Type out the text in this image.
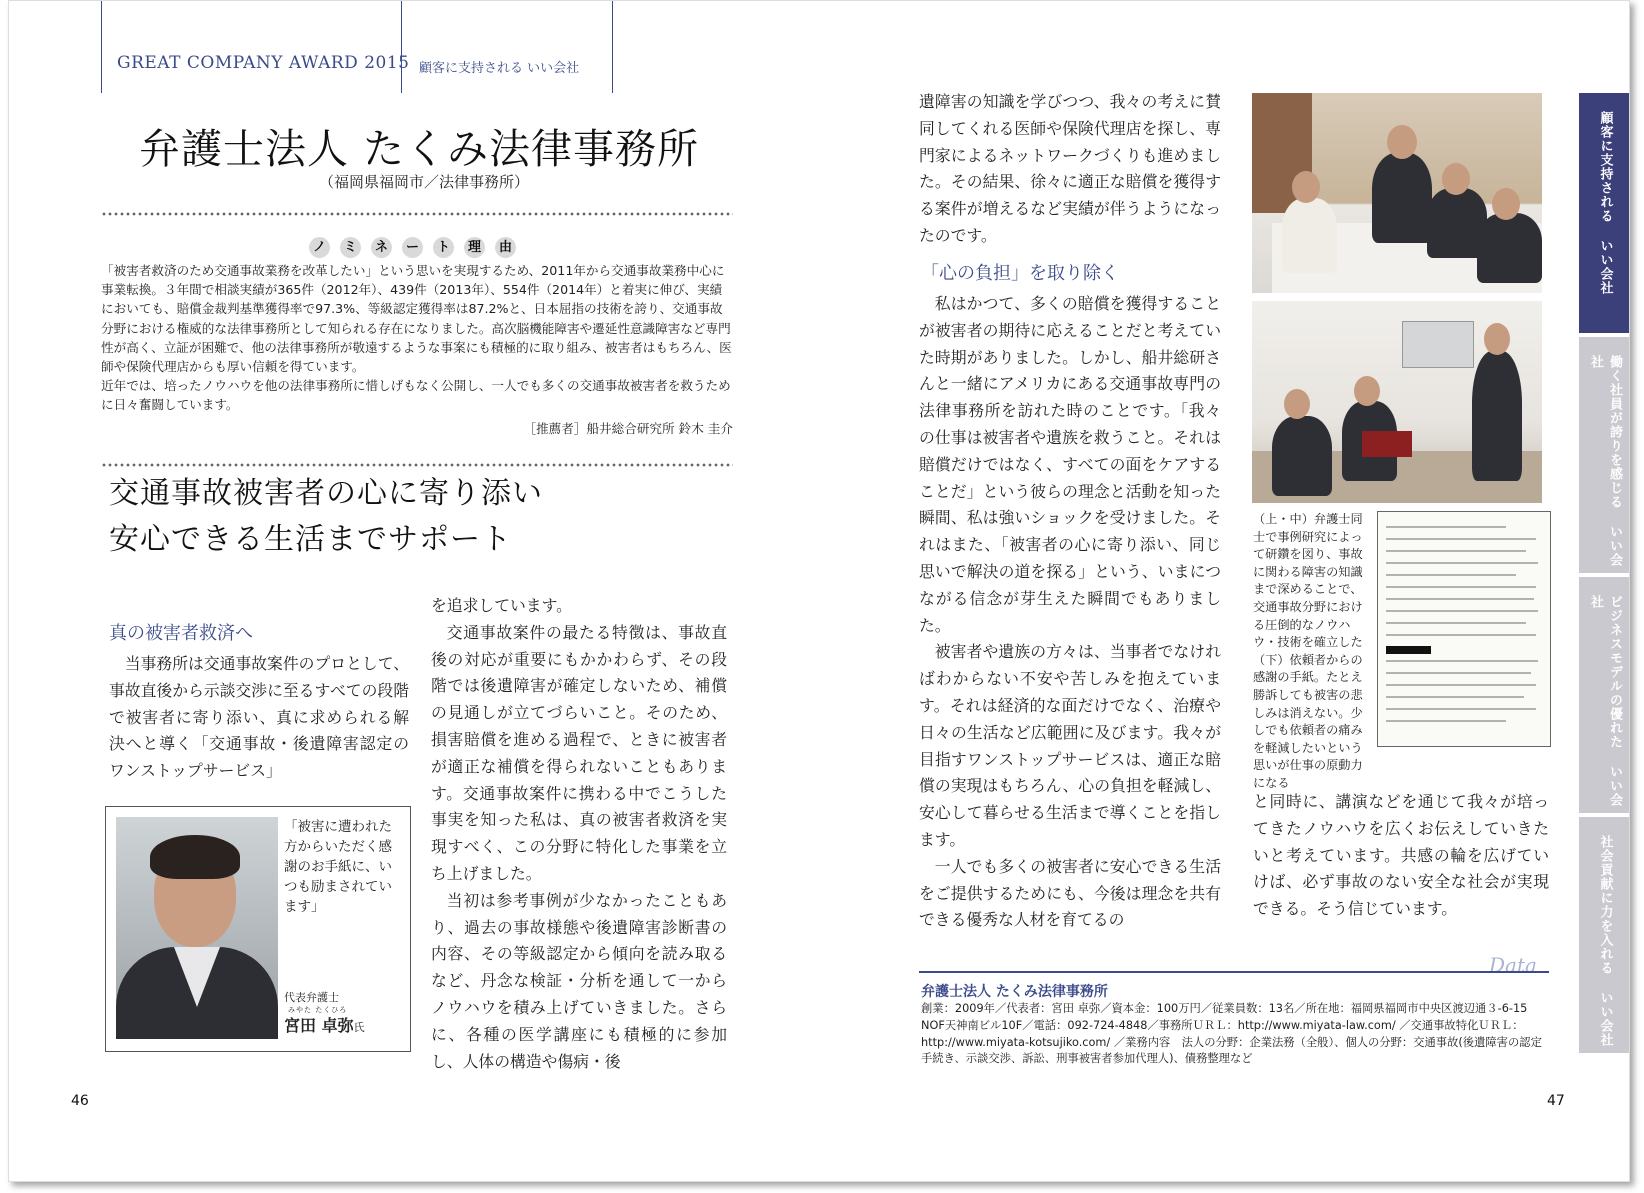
GREAT COMPANY AWARD 2015 顧客に支持される いい会社
弁護士法人 たくみ法律事務所
（福岡県福岡市／法律事務所）
ノ	ミ	ネ	ー	ト	理	由

「被害者救済のため交通事故業務を改革したい」という思いを実現するため、2011年から交通事故業務中心に事業転換。３年間で相談実績が365件（2012年）、439件（2013年）、554件（2014年）と着実に伸び、実績においても、賠償金裁判基準獲得率で97.3%、等級認定獲得率は87.2%と、日本屈指の技術を誇り、交通事故分野における権威的な法律事務所として知られる存在になりました。高次脳機能障害や遷延性意識障害など専門性が高く、立証が困難で、他の法律事務所が敬遠するような事案にも積極的に取り組み、被害者はもちろん、医師や保険代理店からも厚い信頼を得ています。

近年では、培ったノウハウを他の法律事務所に惜しげもなく公開し、一人でも多くの交通事故被害者を救うために日々奮闘しています。

［推薦者］船井総合研究所 鈴木 圭介

交通事故被害者の心に寄り添い
安心できる生活までサポート
真の被害者救済へ

当事務所は交通事故案件のプロとして、事故直後から示談交渉に至るすべての段階で被害者に寄り添い、真に求められる解決へと導く「交通事故・後遺障害認定のワンストップサービス」

「被害に遭われた方からいただく感謝のお手紙に、いつも励まされています」
代表弁護士
みやた たくひろ
宮田 卓弥氏

を追求しています。

交通事故案件の最たる特徴は、事故直後の対応が重要にもかかわらず、その段階では後遺障害が確定しないため、補償の見通しが立てづらいこと。そのため、損害賠償を進める過程で、ときに被害者が適正な補償を得られないこともあります。交通事故案件に携わる中でこうした事実を知った私は、真の被害者救済を実現すべく、この分野に特化した事業を立ち上げました。

当初は参考事例が少なかったこともあり、過去の事故様態や後遺障害診断書の内容、その等級認定から傾向を読み取るなど、丹念な検証・分析を通して一からノウハウを積み上げていきました。さらに、各種の医学講座にも積極的に参加し、人体の構造や傷病・後

46

遺障害の知識を学びつつ、我々の考えに賛同してくれる医師や保険代理店を探し、専門家によるネットワークづくりも進めました。その結果、徐々に適正な賠償を獲得する案件が増えるなど実績が伴うようになったのです。

「心の負担」を取り除く

私はかつて、多くの賠償を獲得することが被害者の期待に応えることだと考えていた時期がありました。しかし、船井総研さんと一緒にアメリカにある交通事故専門の法律事務所を訪れた時のことです。「我々の仕事は被害者や遺族を救うこと。それは賠償だけではなく、すべての面をケアすることだ」という彼らの理念と活動を知った瞬間、私は強いショックを受けました。それはまた、「被害者の心に寄り添い、同じ思いで解決の道を探る」という、いまにつながる信念が芽生えた瞬間でもありました。

被害者や遺族の方々は、当事者でなければわからない不安や苦しみを抱えています。それは経済的な面だけでなく、治療や日々の生活など広範囲に及びます。我々が目指すワンストップサービスは、適正な賠償の実現はもちろん、心の負担を軽減し、安心して暮らせる生活まで導くことを指します。

一人でも多くの被害者に安心できる生活をご提供するためにも、今後は理念を共有できる優秀な人材を育てるの

（上・中）弁護士同士で事例研究によって研鑽を図り、事故に関わる障害の知識まで深めることで、交通事故分野における圧倒的なノウハウ・技術を確立した（下）依頼者からの感謝の手紙。たとえ勝訴しても被害の悲しみは消えない。少しでも依頼者の痛みを軽減したいという思いが仕事の原動力になる

と同時に、講演などを通じて我々が培ってきたノウハウを広くお伝えしていきたいと考えています。共感の輪を広げていけば、必ず事故のない安全な社会が実現できる。そう信じています。

顧客に支持される いい会社
働く社員が誇りを感じる いい会社
ビジネスモデルの優れた いい会社
社会貢献に力を入れる いい会社
Data
弁護士法人 たくみ法律事務所
創業：2009年／代表者：宮田 卓弥／資本金：100万円／従業員数：13名／所在地：福岡県福岡市中央区渡辺通３-6-15　NOF天神南ビル10F／電話：092-724-4848／事務所ＵＲＬ：http://www.miyata-law.com/ ／交通事故特化ＵＲＬ：http://www.miyata-kotsujiko.com/ ／業務内容　法人の分野：企業法務（全般）、個人の分野：交通事故(後遺障害の認定手続き、示談交渉、訴訟、刑事被害者参加代理人)、債務整理など
47
